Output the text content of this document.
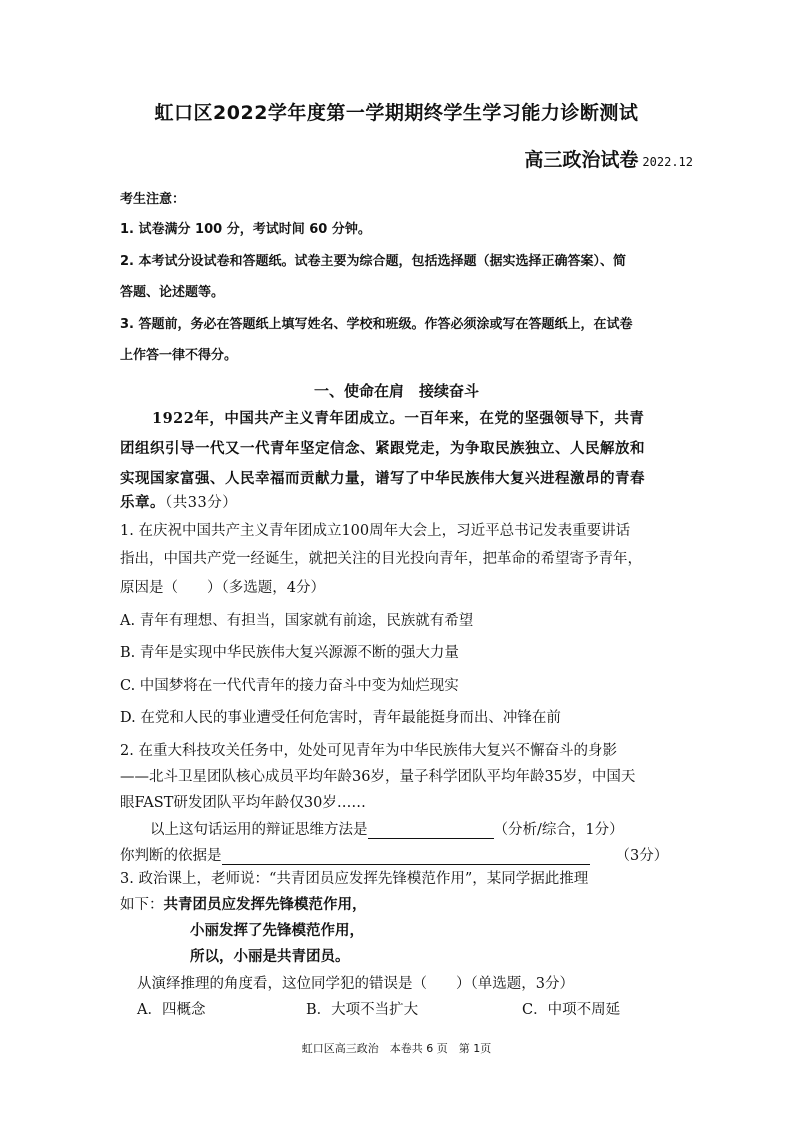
虹口区2022学年度第一学期期终学生学习能力诊断测试
高三政治试卷 2022.12
考生注意：
1. 试卷满分 100 分，考试时间 60 分钟。
2. 本考试分设试卷和答题纸。试卷主要为综合题，包括选择题（据实选择正确答案）、简
答题、论述题等。
3. 答题前，务必在答题纸上填写姓名、学校和班级。作答必须涂或写在答题纸上，在试卷
上作答一律不得分。
一、使命在肩　接续奋斗
1922年，中国共产主义青年团成立。一百年来，在党的坚强领导下，共青
团组织引导一代又一代青年坚定信念、紧跟党走，为争取民族独立、人民解放和
实现国家富强、人民幸福而贡献力量，谱写了中华民族伟大复兴进程激昂的青春
乐章。（共33分）
1. 在庆祝中国共产主义青年团成立100周年大会上，习近平总书记发表重要讲话
指出，中国共产党一经诞生，就把关注的目光投向青年，把革命的希望寄予青年，
原因是（　　）（多选题，4分）
A. 青年有理想、有担当，国家就有前途，民族就有希望
B. 青年是实现中华民族伟大复兴源源不断的强大力量
C. 中国梦将在一代代青年的接力奋斗中变为灿烂现实
D. 在党和人民的事业遭受任何危害时，青年最能挺身而出、冲锋在前
2. 在重大科技攻关任务中，处处可见青年为中华民族伟大复兴不懈奋斗的身影
——北斗卫星团队核心成员平均年龄36岁，量子科学团队平均年龄35岁，中国天
眼FAST研发团队平均年龄仅30岁……
以上这句话运用的辩证思维方法是	（分析/综合，1分）
你判断的依据是	（3分）
3. 政治课上，老师说：“共青团员应发挥先锋模范作用”，某同学据此推理
如下：共青团员应发挥先锋模范作用，
小丽发挥了先锋模范作用，
所以，小丽是共青团员。
从演绎推理的角度看，这位同学犯的错误是（　　）（单选题，3分）
A．四概念	B．大项不当扩大	C．中项不周延
虹口区高三政治　本卷共 6 页　第 1页
